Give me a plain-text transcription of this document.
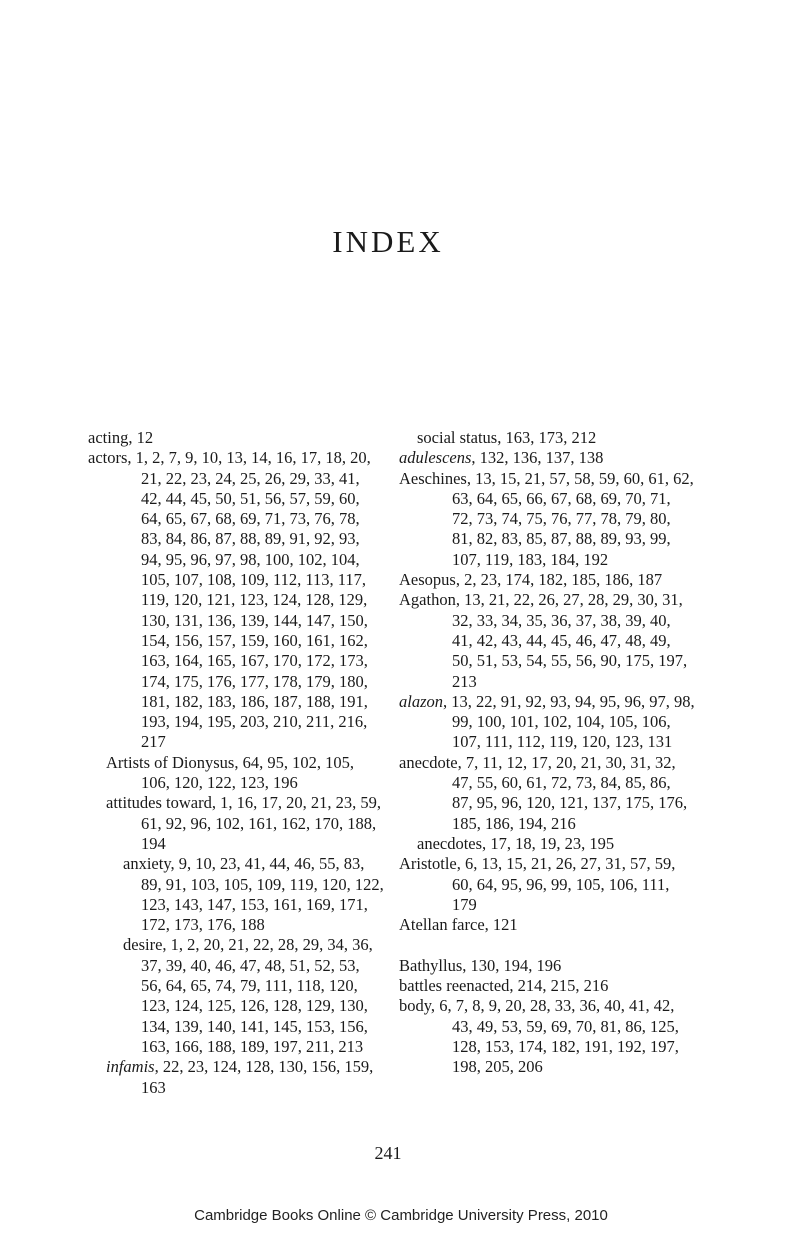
INDEX

acting, 12

actors, 1, 2, 7, 9, 10, 13, 14, 16, 17, 18, 20, 21, 22, 23, 24, 25, 26, 29, 33, 41, 42, 44, 45, 50, 51, 56, 57, 59, 60, 64, 65, 67, 68, 69, 71, 73, 76, 78, 83, 84, 86, 87, 88, 89, 91, 92, 93, 94, 95, 96, 97, 98, 100, 102, 104, 105, 107, 108, 109, 112, 113, 117, 119, 120, 121, 123, 124, 128, 129, 130, 131, 136, 139, 144, 147, 150, 154, 156, 157, 159, 160, 161, 162, 163, 164, 165, 167, 170, 172, 173, 174, 175, 176, 177, 178, 179, 180, 181, 182, 183, 186, 187, 188, 191, 193, 194, 195, 203, 210, 211, 216, 217

Artists of Dionysus, 64, 95, 102, 105, 106, 120, 122, 123, 196

attitudes toward, 1, 16, 17, 20, 21, 23, 59, 61, 92, 96, 102, 161, 162, 170, 188, 194

anxiety, 9, 10, 23, 41, 44, 46, 55, 83, 89, 91, 103, 105, 109, 119, 120, 122, 123, 143, 147, 153, 161, 169, 171, 172, 173, 176, 188

desire, 1, 2, 20, 21, 22, 28, 29, 34, 36, 37, 39, 40, 46, 47, 48, 51, 52, 53, 56, 64, 65, 74, 79, 111, 118, 120, 123, 124, 125, 126, 128, 129, 130, 134, 139, 140, 141, 145, 153, 156, 163, 166, 188, 189, 197, 211, 213

infamis, 22, 23, 124, 128, 130, 156, 159, 163

social status, 163, 173, 212

adulescens, 132, 136, 137, 138

Aeschines, 13, 15, 21, 57, 58, 59, 60, 61, 62, 63, 64, 65, 66, 67, 68, 69, 70, 71, 72, 73, 74, 75, 76, 77, 78, 79, 80, 81, 82, 83, 85, 87, 88, 89, 93, 99, 107, 119, 183, 184, 192

Aesopus, 2, 23, 174, 182, 185, 186, 187

Agathon, 13, 21, 22, 26, 27, 28, 29, 30, 31, 32, 33, 34, 35, 36, 37, 38, 39, 40, 41, 42, 43, 44, 45, 46, 47, 48, 49, 50, 51, 53, 54, 55, 56, 90, 175, 197, 213

alazon, 13, 22, 91, 92, 93, 94, 95, 96, 97, 98, 99, 100, 101, 102, 104, 105, 106, 107, 111, 112, 119, 120, 123, 131

anecdote, 7, 11, 12, 17, 20, 21, 30, 31, 32, 47, 55, 60, 61, 72, 73, 84, 85, 86, 87, 95, 96, 120, 121, 137, 175, 176, 185, 186, 194, 216

anecdotes, 17, 18, 19, 23, 195

Aristotle, 6, 13, 15, 21, 26, 27, 31, 57, 59, 60, 64, 95, 96, 99, 105, 106, 111, 179

Atellan farce, 121

Bathyllus, 130, 194, 196

battles reenacted, 214, 215, 216

body, 6, 7, 8, 9, 20, 28, 33, 36, 40, 41, 42, 43, 49, 53, 59, 69, 70, 81, 86, 125, 128, 153, 174, 182, 191, 192, 197, 198, 205, 206

241
Cambridge Books Online © Cambridge University Press, 2010
